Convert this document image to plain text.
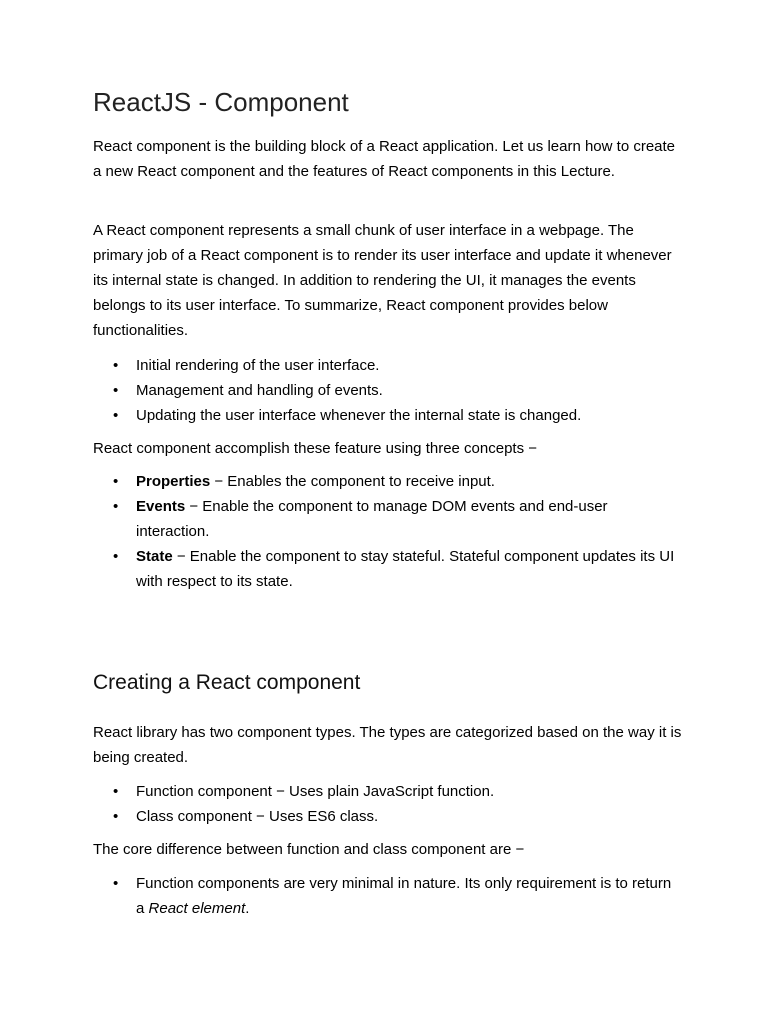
ReactJS - Component

React component is the building block of a React application. Let us learn how to create a new React component and the features of React components in this Lecture.

A React component represents a small chunk of user interface in a webpage. The primary job of a React component is to render its user interface and update it whenever its internal state is changed. In addition to rendering the UI, it manages the events belongs to its user interface. To summarize, React component provides below functionalities.

• Initial rendering of the user interface.
• Management and handling of events.
• Updating the user interface whenever the internal state is changed.

React component accomplish these feature using three concepts −

• Properties − Enables the component to receive input.
• Events − Enable the component to manage DOM events and end-user interaction.
• State − Enable the component to stay stateful. Stateful component updates its UI with respect to its state.
Creating a React component

React library has two component types. The types are categorized based on the way it is being created.

• Function component − Uses plain JavaScript function.
• Class component − Uses ES6 class.

The core difference between function and class component are −

• Function components are very minimal in nature. Its only requirement is to return a React element.
